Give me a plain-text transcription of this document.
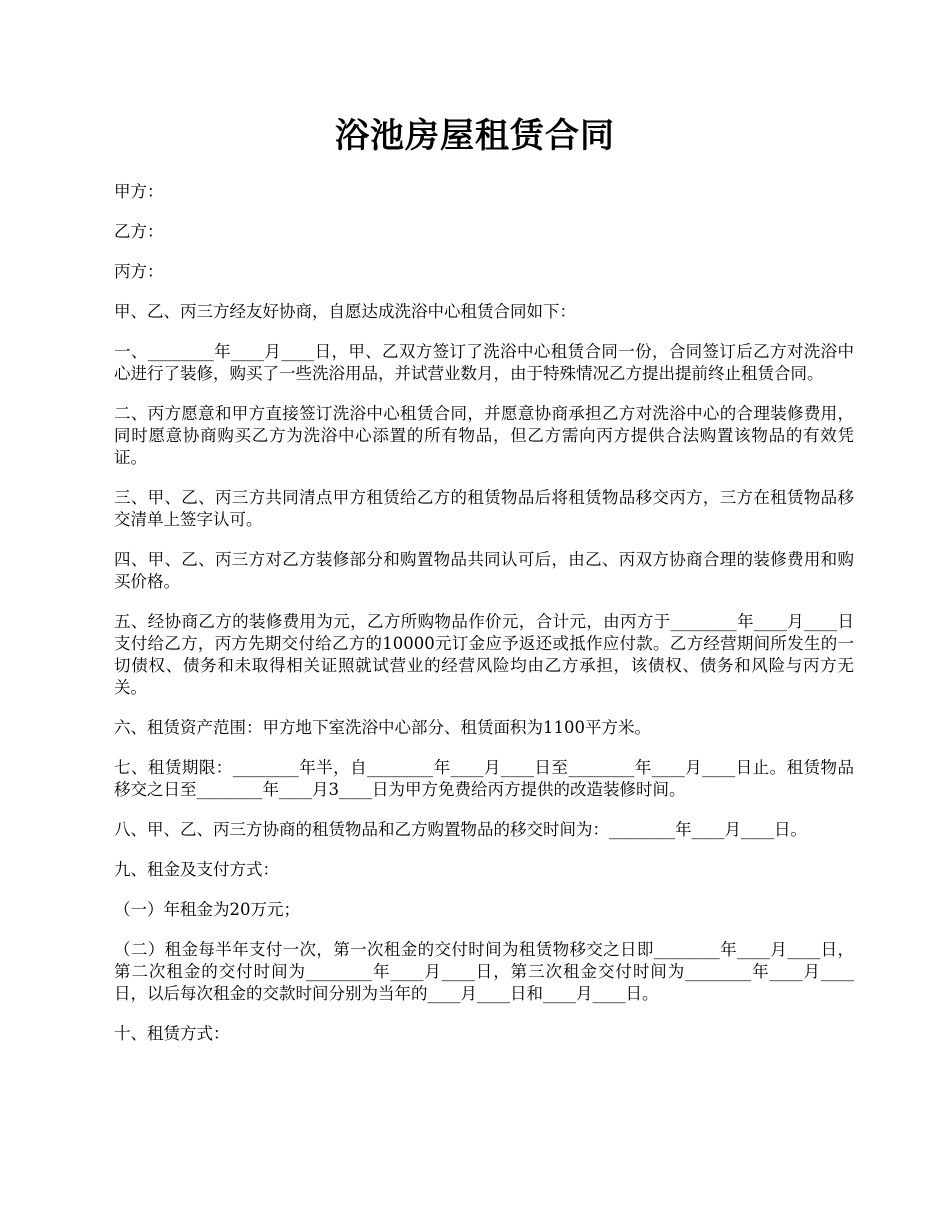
浴池房屋租赁合同

甲方：

乙方：

丙方：

甲、乙、丙三方经友好协商，自愿达成洗浴中心租赁合同如下：

一、________年____月____日，甲、乙双方签订了洗浴中心租赁合同一份，合同签订后乙方对洗浴中心进行了装修，购买了一些洗浴用品，并试营业数月，由于特殊情况乙方提出提前终止租赁合同。

二、丙方愿意和甲方直接签订洗浴中心租赁合同，并愿意协商承担乙方对洗浴中心的合理装修费用，同时愿意协商购买乙方为洗浴中心添置的所有物品，但乙方需向丙方提供合法购置该物品的有效凭证。

三、甲、乙、丙三方共同清点甲方租赁给乙方的租赁物品后将租赁物品移交丙方，三方在租赁物品移交清单上签字认可。

四、甲、乙、丙三方对乙方装修部分和购置物品共同认可后，由乙、丙双方协商合理的装修费用和购买价格。

五、经协商乙方的装修费用为元，乙方所购物品作价元，合计元，由丙方于________年____月____日支付给乙方，丙方先期交付给乙方的10000元订金应予返还或抵作应付款。乙方经营期间所发生的一切债权、债务和未取得相关证照就试营业的经营风险均由乙方承担，该债权、债务和风险与丙方无关。

六、租赁资产范围：甲方地下室洗浴中心部分、租赁面积为1100平方米。

七、租赁期限：________年半，自________年____月____日至________年____月____日止。租赁物品移交之日至________年____月3____日为甲方免费给丙方提供的改造装修时间。

八、甲、乙、丙三方协商的租赁物品和乙方购置物品的移交时间为：________年____月____日。

九、租金及支付方式：

（一）年租金为20万元；

（二）租金每半年支付一次，第一次租金的交付时间为租赁物移交之日即________年____月____日，第二次租金的交付时间为________年____月____日，第三次租金交付时间为________年____月____日，以后每次租金的交款时间分别为当年的____月____日和____月____日。

十、租赁方式：
